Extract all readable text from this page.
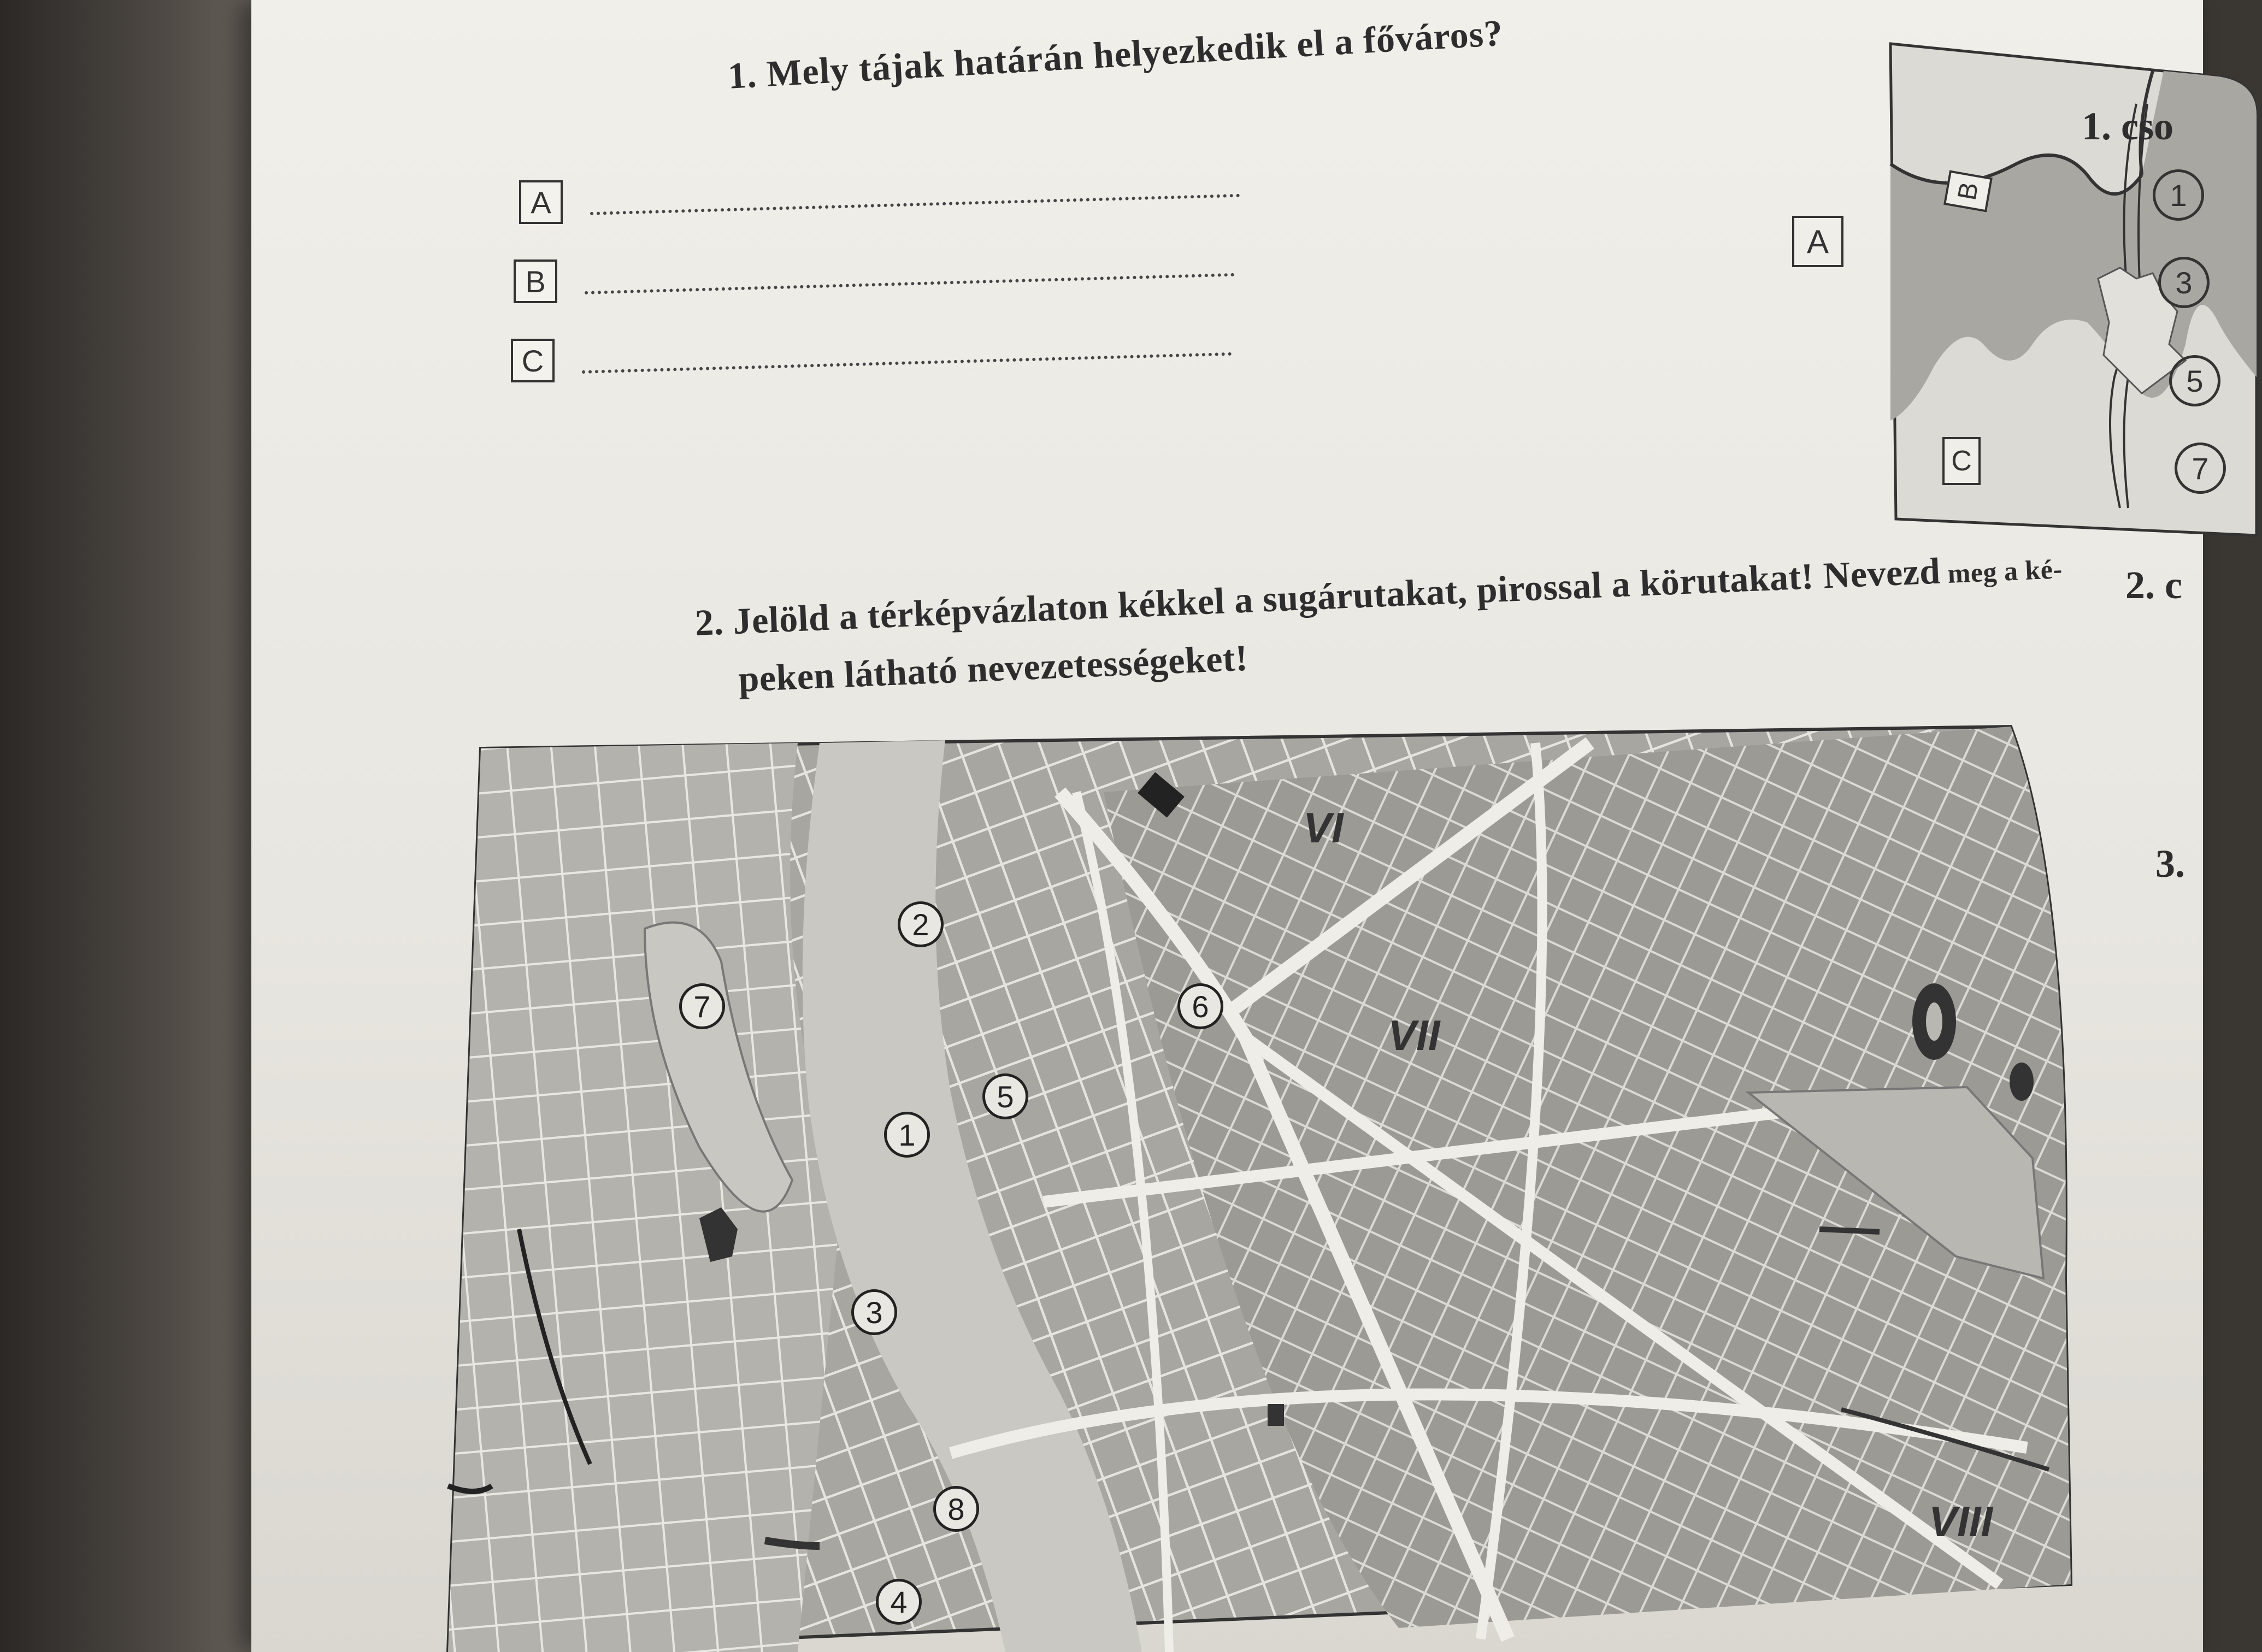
1. Mely tájak határán helyezkedik el a főváros?
A
B
C
A
B
C
2. Jelöld a térképvázlaton kékkel a sugárutakat, pirossal a körutakat! Nevezd meg a ké-
peken látható nevezetességeket!
1. cso
1
3
5
7
2. c
3.
VI
VII
VIII
1
2
3
4
5
6
7
8
